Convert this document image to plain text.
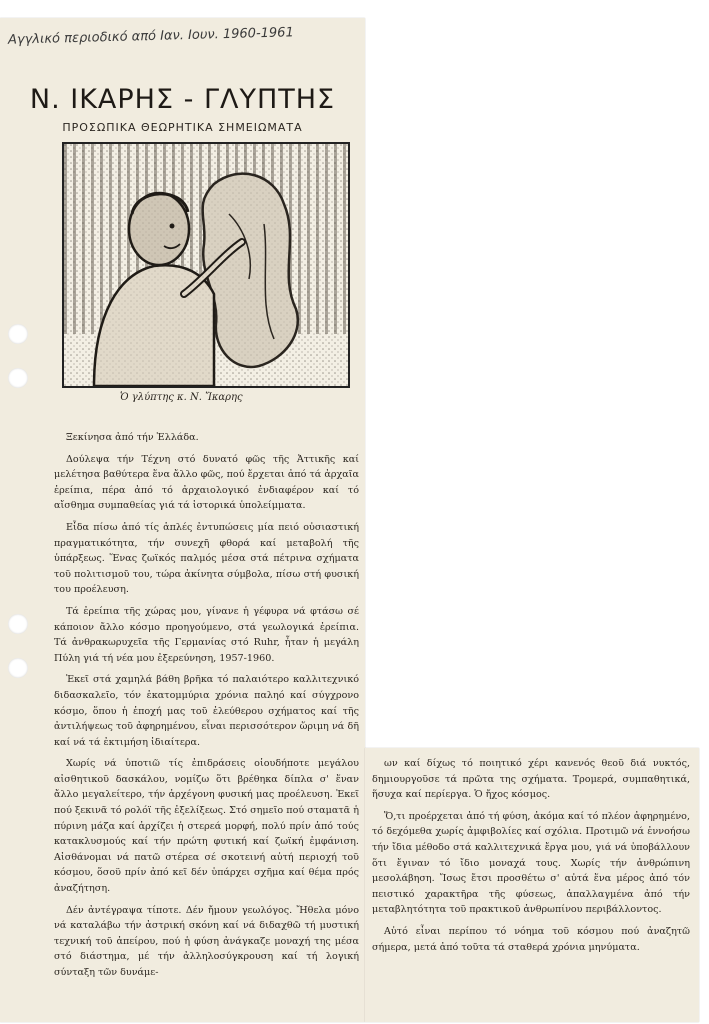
Αγγλικό περιοδικό από Ιαν. Ιουν. 1960-1961
Ν. ΙΚΑΡΗΣ - ΓΛΥΠΤΗΣ
ΠΡΟΣΩΠΙΚΑ ΘΕΩΡΗΤΙΚΑ ΣΗΜΕΙΩΜΑΤΑ
Ὁ γλύπτης κ. Ν. Ἴκαρης

Ξεκίνησα ἀπό τήν Ἑλλάδα.

Δούλεψα τήν Τέχνη στό δυνατό φῶς τῆς Ἀττικῆς καί μελέτησα βαθύτερα ἕνα ἄλλο φῶς, πού ἔρχεται ἀπό τά ἀρχαῖα ἐρείπια, πέρα ἀπό τό ἀρχαιολογικό ἐνδιαφέρον καί τό αἴσθημα συμπαθείας γιά τά ἱστορικά ὑπολείμματα.

Εἶδα πίσω ἀπό τίς ἁπλές ἐντυπώσεις μία πειό οὐσιαστική πραγματικότητα, τήν συνεχῆ φθορά καί μεταβολή τῆς ὑπάρξεως. Ἕνας ζωϊκός παλμός μέσα στά πέτρινα σχήματα τοῦ πολιτισμοῦ του, τώρα ἀκίνητα σύμβολα, πίσω στή φυσική του προέλευση.

Τά ἐρείπια τῆς χώρας μου, γίνανε ἡ γέφυρα νά φτάσω σέ κάποιον ἄλλο κόσμο προηγούμενο, στά γεωλογικά ἐρείπια. Τά ἀνθρακωρυχεῖα τῆς Γερμανίας στό Ruhr, ἦταν ἡ μεγάλη Πύλη γιά τή νέα μου ἐξερεύνηση, 1957-1960.

Ἐκεῖ στά χαμηλά βάθη βρῆκα τό παλαιότερο καλλιτεχνικό διδασκαλεῖο, τόν ἑκατομμύρια χρόνια παληό καί σύγχρονο κόσμο, ὅπου ἡ ἐποχή μας τοῦ ἐλεύθερου σχήματος καί τῆς ἀντιλήψεως τοῦ ἀφηρημένου, εἶναι περισσότερον ὥριμη νά δῆ καί νά τά ἐκτιμήση ἰδιαίτερα.

Χωρίς νά ὑποτιῶ τίς ἐπιδράσεις οἱουδήποτε μεγάλου αἰσθητικοῦ δασκάλου, νομίζω ὅτι βρέθηκα δίπλα σ' ἕναν ἄλλο μεγαλείτερο, τήν ἀρχέγονη φυσική μας προέλευση. Ἐκεῖ πού ξεκινᾶ τό ρολόϊ τῆς ἐξελίξεως. Στό σημεῖο πού σταματᾶ ἡ πύρινη μάζα καί ἀρχίζει ἡ στερεά μορφή, πολύ πρίν ἀπό τούς κατακλυσμούς καί τήν πρώτη φυτική καί ζωϊκή ἐμφάνιση. Αἰσθάνομαι νά πατῶ στέρεα σέ σκοτεινή αὐτή περιοχή τοῦ κόσμου, ὅσοϋ πρίν ἀπό κεῖ δέν ὑπάρχει σχῆμα καί θέμα πρός ἀναζήτηση.

Δέν ἀντέγραψα τίποτε. Δέν ἤμουν γεωλόγος. Ἤθελα μόνο νά καταλάβω τήν ἀστρική σκόνη καί νά διδαχθῶ τή μυστική τεχνική τοῦ ἀπείρου, πού ἡ φύση ἀνάγκαζε μοναχή της μέσα στό διάστημα, μέ τήν ἀλληλοσύγκρουση καί τή λογική σύνταξη τῶν δυνάμε-

ων καί δίχως τό ποιητικό χέρι κανενός θεοῦ διά νυκτός, δημιουργοῦσε τά πρῶτα της σχήματα. Τρομερά, συμπαθητικά, ἥσυχα καί περίεργα. Ὁ ἤχος κόσμος.

Ὅ,τι προέρχεται ἀπό τή φύση, ἀκόμα καί τό πλέον ἀφηρημένο, τό δεχόμεθα χωρίς ἀμφιβολίες καί σχόλια. Προτιμῶ νά ἐννοήσω τήν ἴδια μέθοδο στά καλλιτεχνικά ἔργα μου, γιά νά ὑποβάλλουν ὅτι ἔγιναν τό ἴδιο μοναχά τους. Χωρίς τήν ἀνθρώπινη μεσολάβηση. Ἴσως ἔτσι προσθέτω σ' αὐτά ἕνα μέρος ἀπό τόν πειστικό χαρακτῆρα τῆς φύσεως, ἀπαλλαγμένα ἀπό τήν μεταβλητότητα τοῦ πρακτικοῦ ἀνθρωπίνου περιβάλλοντος.

Αὐτό εἶναι περίπου τό νόημα τοῦ κόσμου πού ἀναζητῶ σήμερα, μετά ἀπό τοῦτα τά σταθερά χρόνια μηνύματα.
